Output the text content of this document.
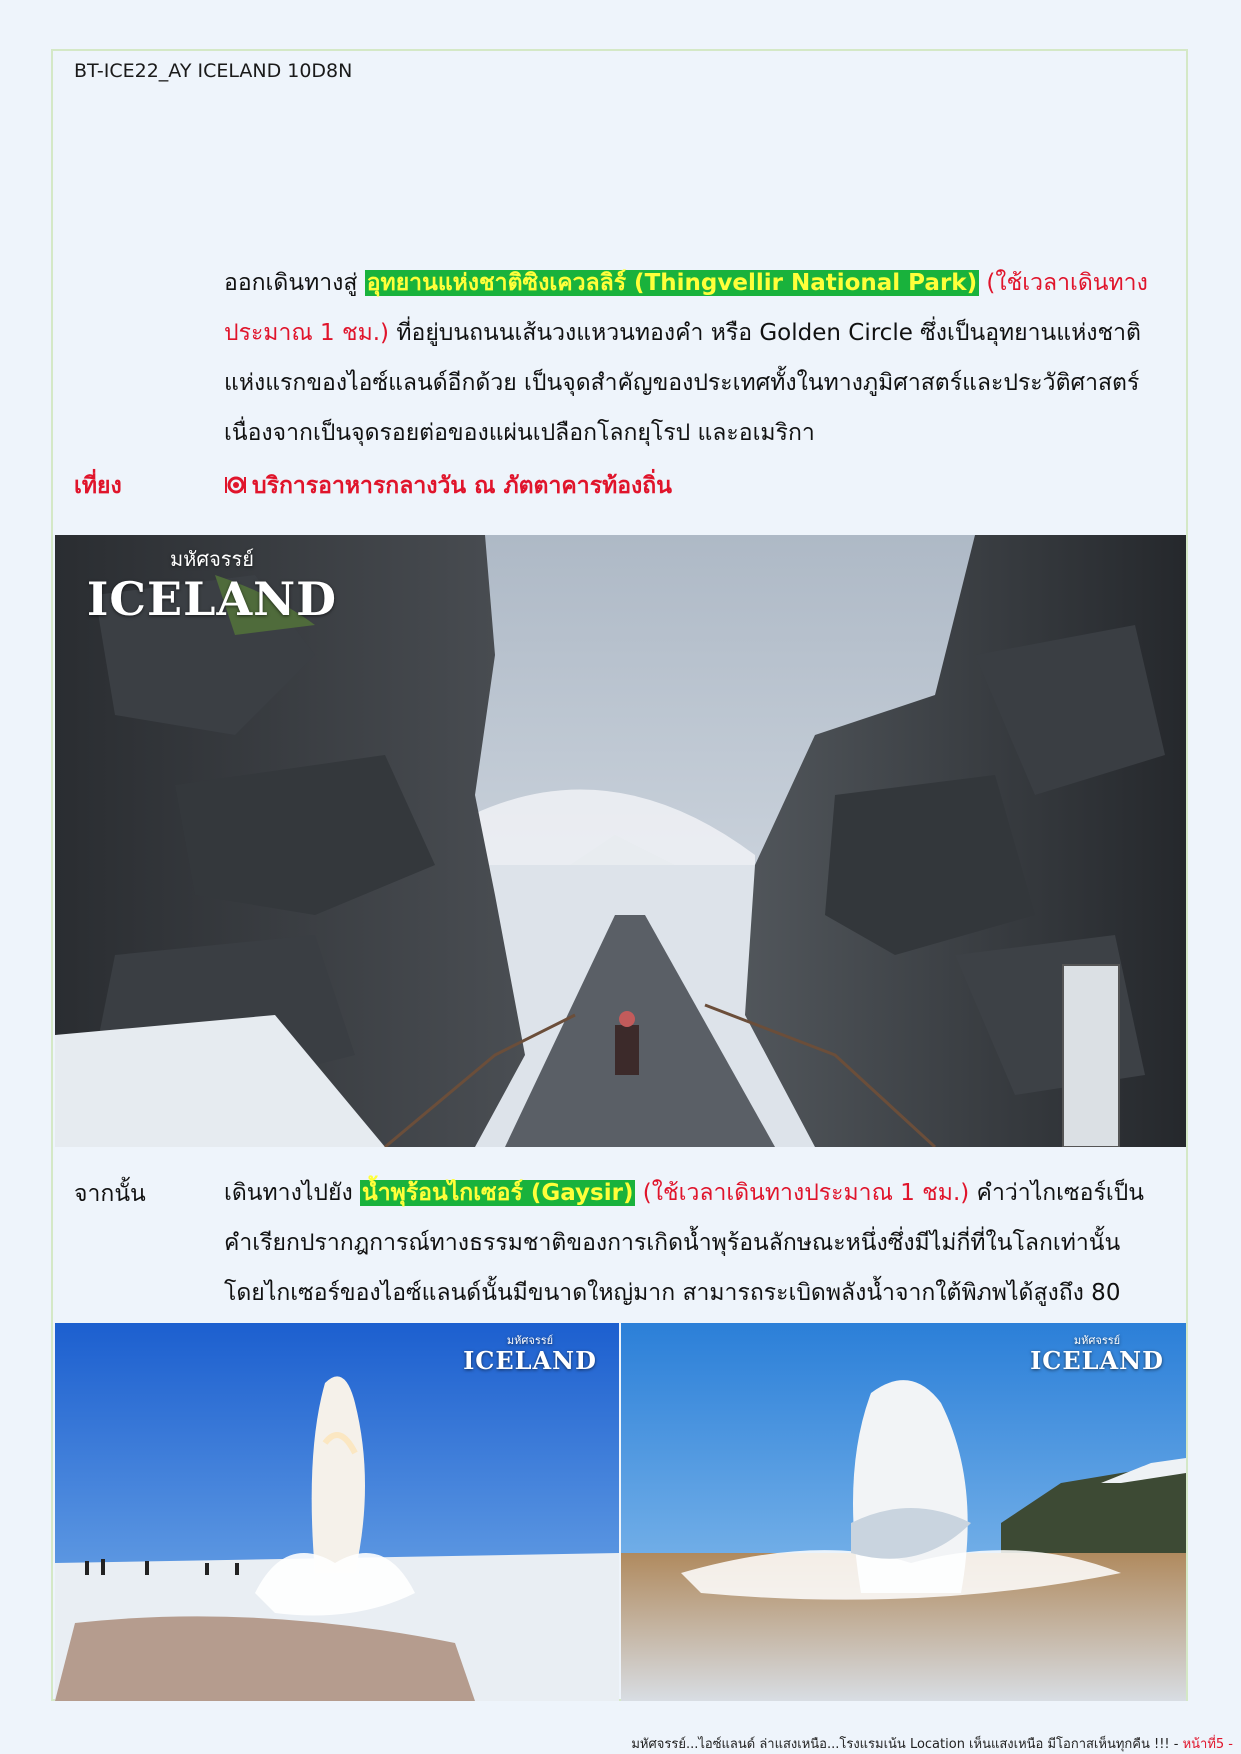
BT-ICE22_AY ICELAND 10D8N
ออกเดินทางสู่ อุทยานแห่งชาติซิงเควลลิร์ (Thingvellir National Park) (ใช้เวลาเดินทางประมาณ 1 ชม.) ที่อยู่บนถนนเส้นวงแหวนทองคำ หรือ Golden Circle ซึ่งเป็นอุทยานแห่งชาติแห่งแรกของไอซ์แลนด์อีกด้วย เป็นจุดสำคัญของประเทศทั้งในทางภูมิศาสตร์และประวัติศาสตร์ เนื่องจากเป็นจุดรอยต่อของแผ่นเปลือกโลกยุโรป และอเมริกา
เที่ยง	บริการอาหารกลางวัน ณ ภัตตาคารท้องถิ่น
มหัศจรรย์
ICELAND
จากนั้น	เดินทางไปยัง น้ำพุร้อนไกเซอร์ (Gaysir) (ใช้เวลาเดินทางประมาณ 1 ชม.) คำว่าไกเซอร์เป็นคำเรียกปรากฎการณ์ทางธรรมชาติของการเกิดน้ำพุร้อนลักษณะหนึ่งซึ่งมีไม่กี่ที่ในโลกเท่านั้น โดยไกเซอร์ของไอซ์แลนด์นั้นมีขนาดใหญ่มาก สามารถระเบิดพลังน้ำจากใต้พิภพได้สูงถึง 80
มหัศจรรย์
ICELAND
มหัศจรรย์
ICELAND
มหัศจรรย์...ไอซ์แลนด์ ล่าแสงเหนือ...โรงแรมเน้น Location เห็นแสงเหนือ มีโอกาสเห็นทุกคืน !!! - หน้าที่5 -
